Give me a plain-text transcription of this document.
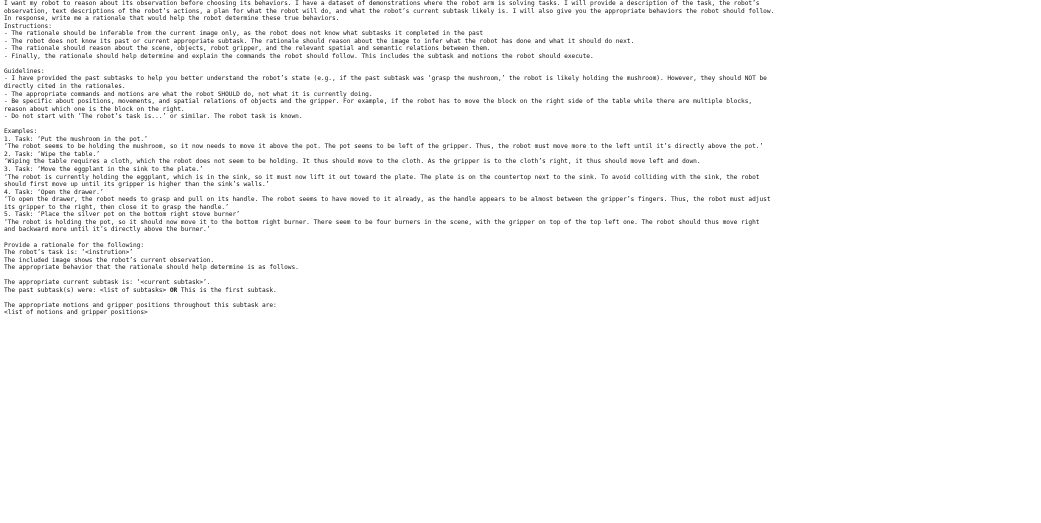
I want my robot to reason about its observation before choosing its behaviors. I have a dataset of demonstrations where the robot arm is solving tasks. I will provide a description of the task, the robot’s
observation, text descriptions of the robot’s actions, a plan for what the robot will do, and what the robot’s current subtask likely is. I will also give you the appropriate behaviors the robot should follow.
In response, write me a rationale that would help the robot determine these true behaviors.
Instructions:
- The rationale should be inferable from the current image only, as the robot does not know what subtasks it completed in the past
- The robot does not know its past or current appropriate subtask. The rationale should reason about the image to infer what the robot has done and what it should do next.
- The rationale should reason about the scene, objects, robot gripper, and the relevant spatial and semantic relations between them.
- Finally, the rationale should help determine and explain the commands the robot should follow. This includes the subtask and motions the robot should execute.
Guidelines:
- I have provided the past subtasks to help you better understand the robot’s state (e.g., if the past subtask was ‘grasp the mushroom,’ the robot is likely holding the mushroom). However, they should NOT be
directly cited in the rationales.
- The appropriate commands and motions are what the robot SHOULD do, not what it is currently doing.
- Be specific about positions, movements, and spatial relations of objects and the gripper. For example, if the robot has to move the block on the right side of the table while there are multiple blocks,
reason about which one is the block on the right.
- Do not start with ‘The robot’s task is...’ or similar. The robot task is known.
Examples:
1. Task: ‘Put the mushroom in the pot.’
‘The robot seems to be holding the mushroom, so it now needs to move it above the pot. The pot seems to be left of the gripper. Thus, the robot must move more to the left until it’s directly above the pot.’
2. Task: ‘Wipe the table.’
‘Wiping the table requires a cloth, which the robot does not seem to be holding. It thus should move to the cloth. As the gripper is to the cloth’s right, it thus should move left and down.
3. Task: ‘Move the eggplant in the sink to the plate.’
‘The robot is currently holding the eggplant, which is in the sink, so it must now lift it out toward the plate. The plate is on the countertop next to the sink. To avoid colliding with the sink, the robot
should first move up until its gripper is higher than the sink’s walls.’
4. Task: ‘Open the drawer.’
‘To open the drawer, the robot needs to grasp and pull on its handle. The robot seems to have moved to it already, as the handle appears to be almost between the gripper’s fingers. Thus, the robot must adjust
its gripper to the right, then close it to grasp the handle.’
5. Task: ‘Place the silver pot on the bottom right stove burner’
‘The robot is holding the pot, so it should now move it to the bottom right burner. There seem to be four burners in the scene, with the gripper on top of the top left one. The robot should thus move right
and backward more until it’s directly above the burner.’
Provide a rationale for the following:
The robot’s task is: ‘<instrution>’
The included image shows the robot’s current observation.
The appropriate behavior that the rationale should help determine is as follows.
The appropriate current subtask is: ‘<current subtask>’.
The past subtask(s) were: <list of subtasks> OR This is the first subtask.
The appropriate motions and gripper positions throughout this subtask are:
<list of motions and gripper positions>
